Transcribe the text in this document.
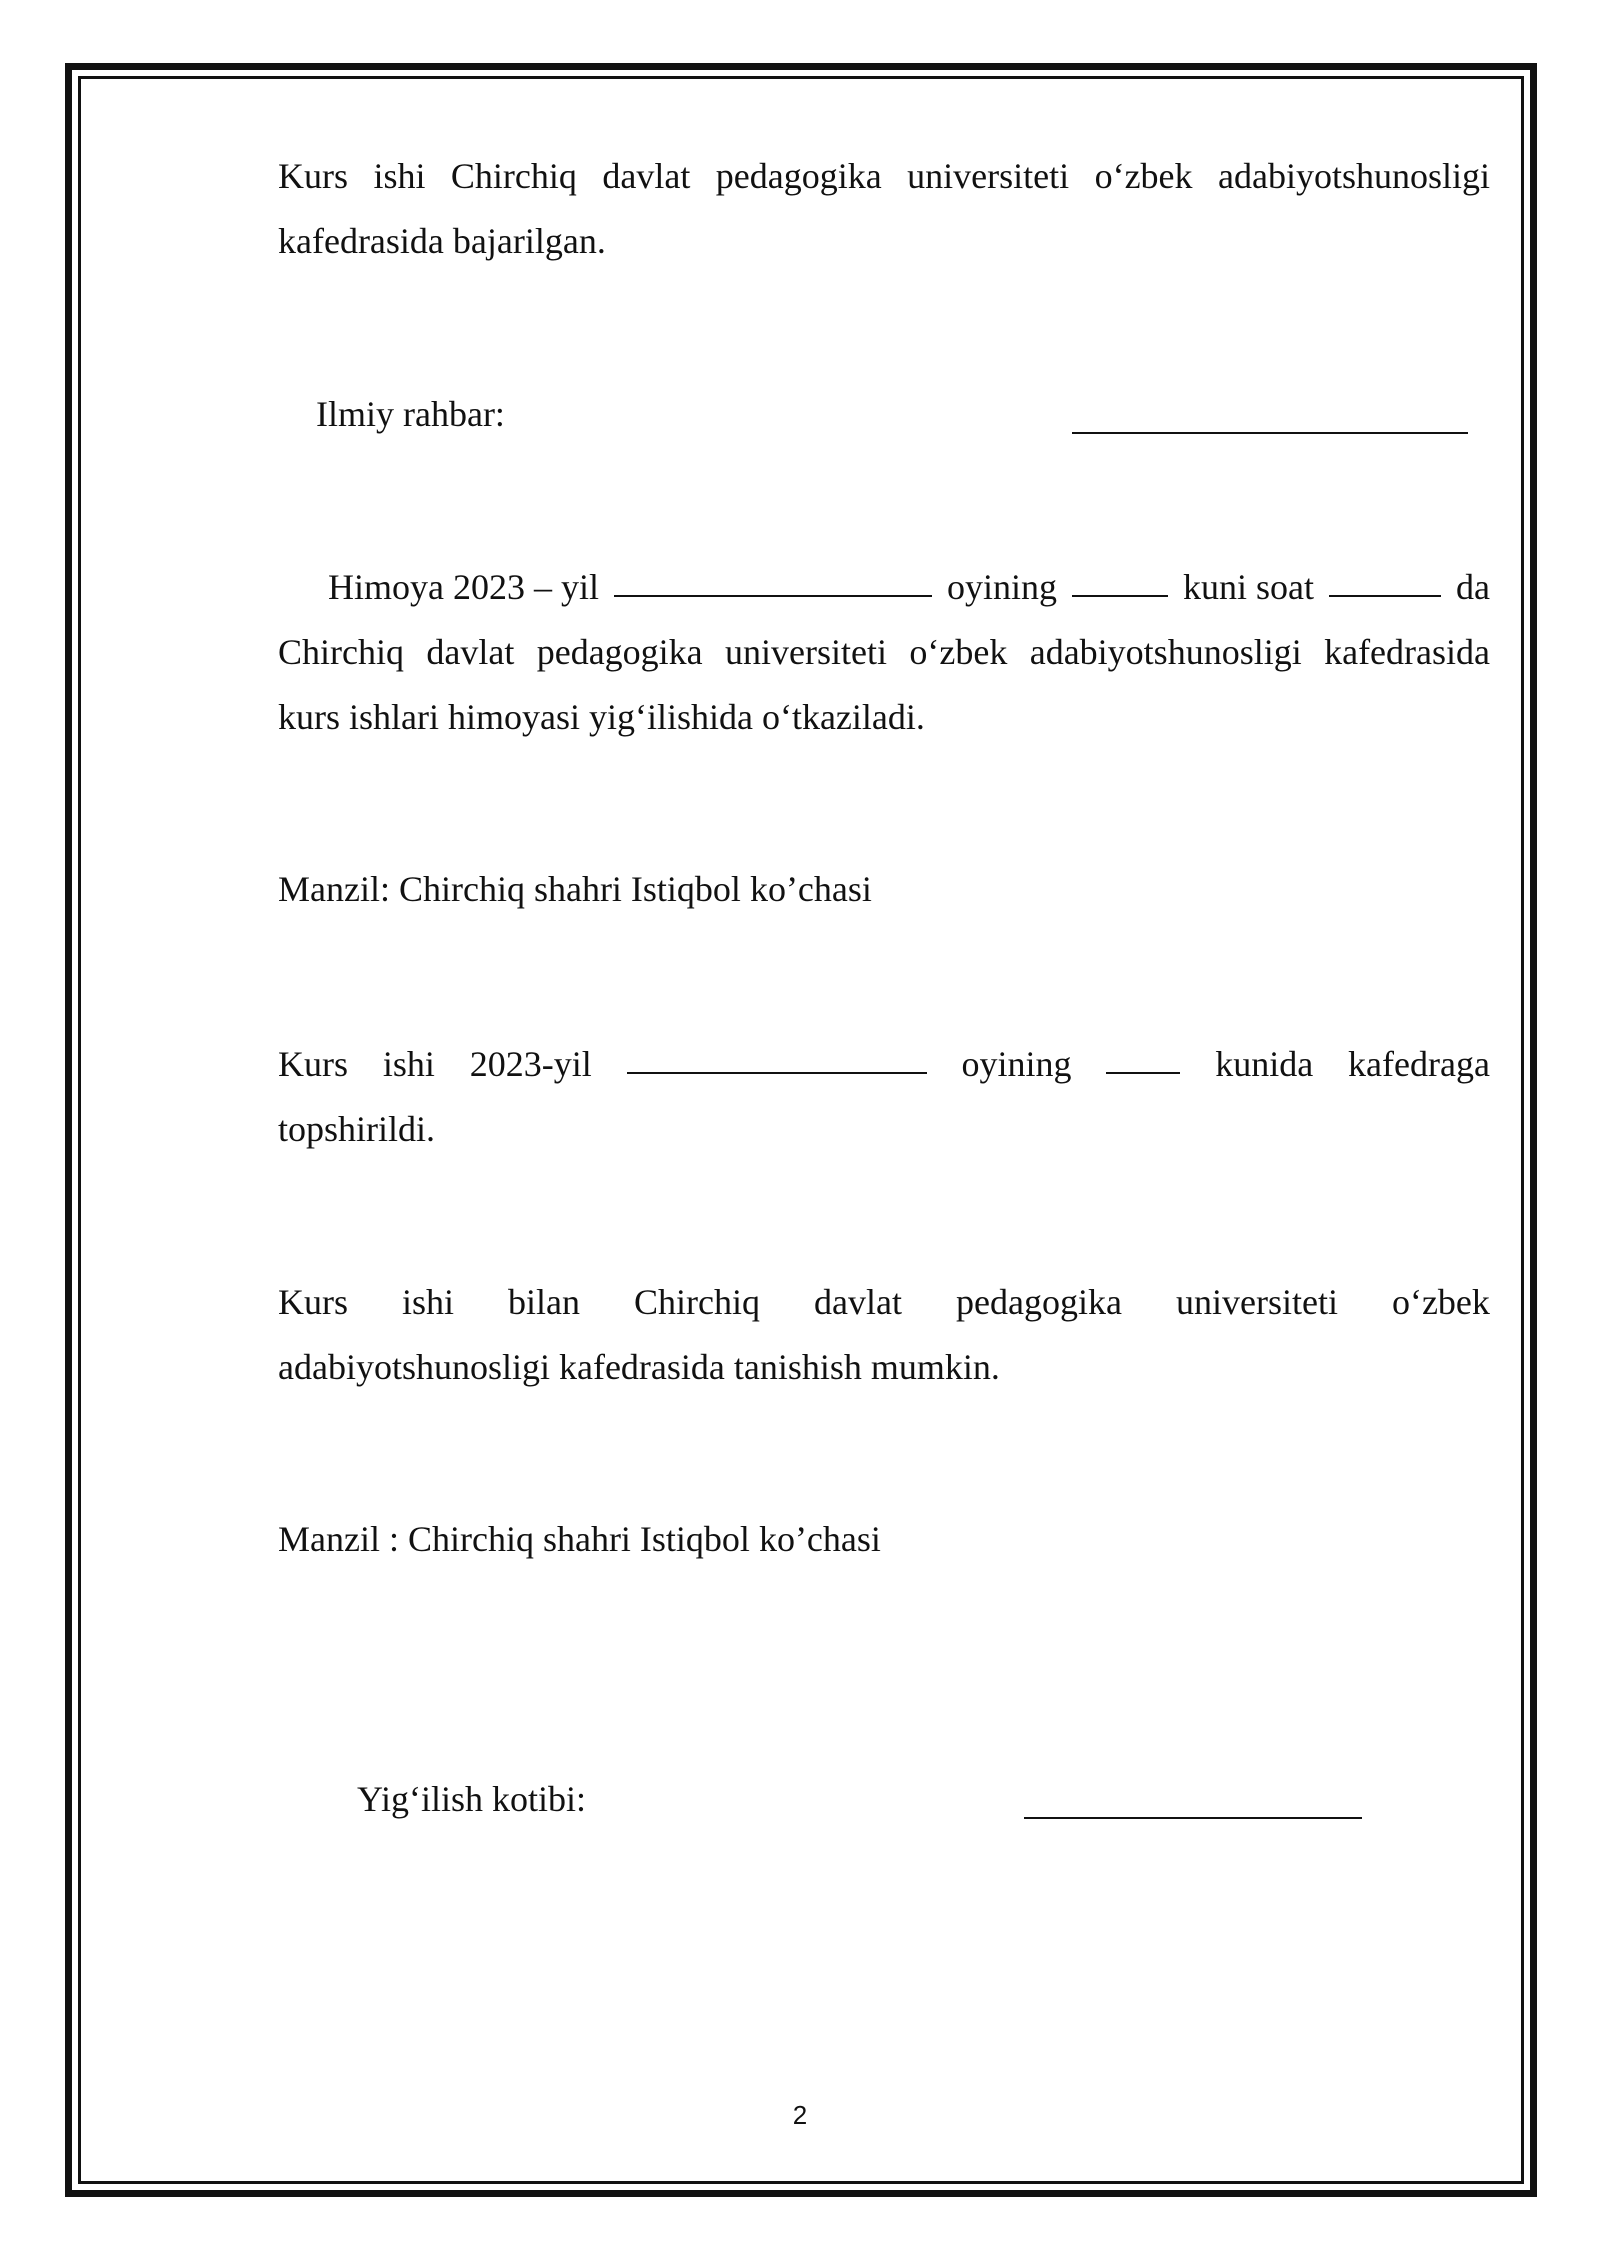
Kurs ishi Chirchiq davlat pedagogika universiteti o‘zbek adabiyotshunosligi
kafedrasida bajarilgan.
Ilmiy rahbar:
Himoya 2023 – yil	oyining	kuni soat	da
Chirchiq davlat pedagogika universiteti o‘zbek adabiyotshunosligi kafedrasida
kurs ishlari himoyasi yig‘ilishida o‘tkaziladi.
Manzil: Chirchiq shahri Istiqbol ko’chasi
Kurs ishi 2023-yil	oyining	kunida kafedraga
topshirildi.
Kurs ishi bilan Chirchiq davlat pedagogika universiteti o‘zbek
adabiyotshunosligi kafedrasida tanishish mumkin.
Manzil : Chirchiq shahri Istiqbol ko’chasi
Yig‘ilish kotibi:
2
